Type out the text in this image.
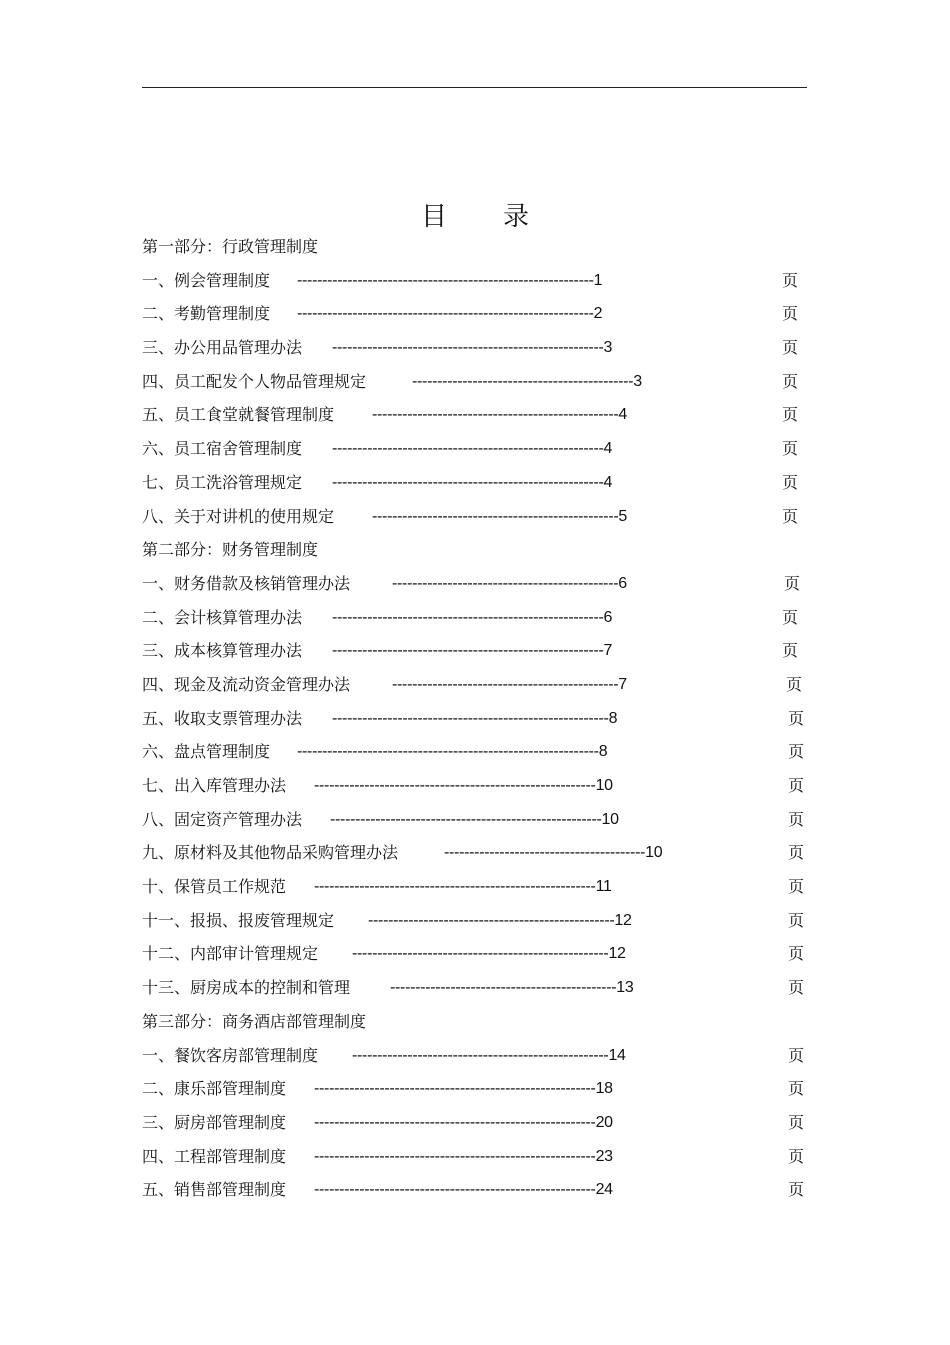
目 录
第一部分：行政管理制度
一、例会管理制度 -----------------------------------------------------------1	页
二、考勤管理制度 -----------------------------------------------------------2	页
三、办公用品管理办法 ------------------------------------------------------3	页
四、员工配发个人物品管理规定	--------------------------------------------3	页
五、员工食堂就餐管理制度 -------------------------------------------------4	页
六、员工宿舍管理制度 ------------------------------------------------------4	页
七、员工洗浴管理规定 ------------------------------------------------------4	页
八、关于对讲机的使用规定 -------------------------------------------------5	页
第二部分：财务管理制度
一、财务借款及核销管理办法	---------------------------------------------6	页
二、会计核算管理办法 ------------------------------------------------------6	页
三、成本核算管理办法 ------------------------------------------------------7	页
四、现金及流动资金管理办法	---------------------------------------------7	页
五、收取支票管理办法 -------------------------------------------------------8	页
六、盘点管理制度 ------------------------------------------------------------8	页
七、出入库管理办法 --------------------------------------------------------10	页
八、固定资产管理办法 ------------------------------------------------------10	页
九、原材料及其他物品采购管理办法	----------------------------------------10	页
十、保管员工作规范 --------------------------------------------------------11	页
十一、报损、报废管理规定 -------------------------------------------------12	页
十二、内部审计管理规定 ---------------------------------------------------12	页
十三、厨房成本的控制和管理 ---------------------------------------------13	页
第三部分：商务酒店部管理制度
一、餐饮客房部管理制度 ---------------------------------------------------14	页
二、康乐部管理制度 --------------------------------------------------------18	页
三、厨房部管理制度 --------------------------------------------------------20	页
四、工程部管理制度 --------------------------------------------------------23	页
五、销售部管理制度 --------------------------------------------------------24	页
